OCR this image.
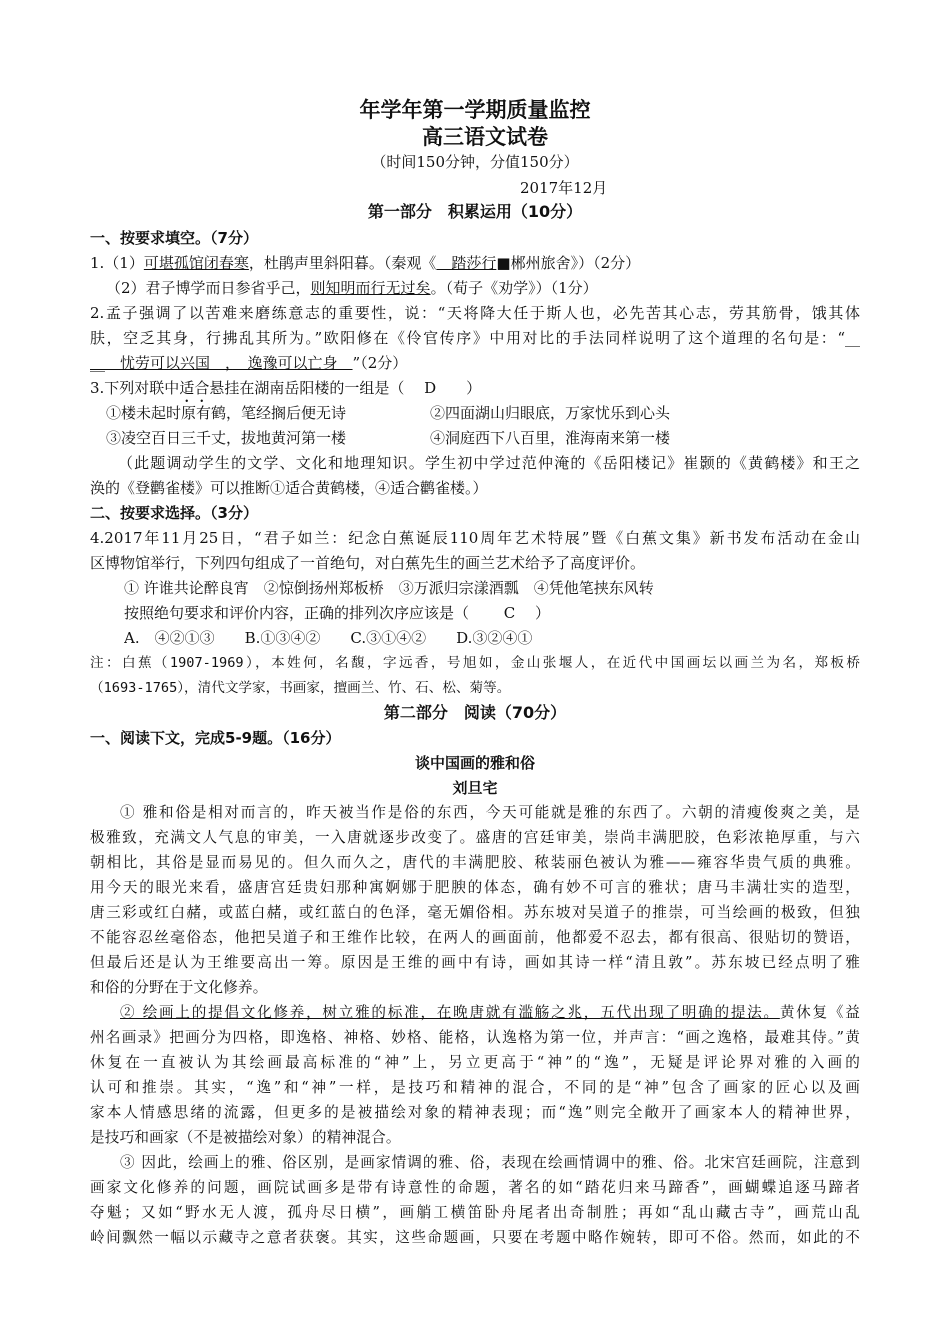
年学年第一学期质量监控
高三语文试卷
（时间150分钟，分值150分）
2017年12月
第一部分　积累运用（10分）
一、按要求填空。（7分）
1.（1）可堪孤馆闭春寒，杜鹃声里斜阳暮。（秦观《　踏莎行■郴州旅舍》）（2分）
（2）君子博学而日参省乎己，则知明而行无过矣。（荀子《劝学》）（1分）
2.孟子强调了以苦难来磨练意志的重要性，说：“天将降大任于斯人也，必先苦其心志，劳其筋骨，饿其体
肤，空乏其身，行拂乱其所为。”欧阳修在《伶官传序》中用对比的手法同样说明了这个道理的名句是：“__
__　忧劳可以兴国　，　逸豫可以亡身　”（2分）
3.下列对联中适合悬挂在湖南岳阳楼的一组是（　 D　　）
①楼未起时原有鹤，笔经搁后便无诗	②四面湖山归眼底，万家忧乐到心头
③凌空百日三千丈，拔地黄河第一楼	④洞庭西下八百里，淮海南来第一楼
（此题调动学生的文学、文化和地理知识。学生初中学过范仲淹的《岳阳楼记》崔颢的《黄鹤楼》和王之
涣的《登鹳雀楼》可以推断①适合黄鹤楼，④适合鹳雀楼。）
二、按要求选择。（3分）
4.2017年11月25日，“君子如兰：纪念白蕉诞辰110周年艺术特展”暨《白蕉文集》新书发布活动在金山
区博物馆举行，下列四句组成了一首绝句，对白蕉先生的画兰艺术给予了高度评价。
① 许谁共论醉良宵　②惊倒扬州郑板桥　③万派归宗漾酒瓢　④凭他笔挟东风转
按照绝句要求和评价内容，正确的排列次序应该是（　　 C　 ）
A.　④②①③　　B.①③④②　　C.③①④②　　D.③②④①
注：白蕉（1907-1969），本姓何，名馥，字远香，号旭如，金山张堰人，在近代中国画坛以画兰为名，郑板桥
（1693-1765），清代文学家，书画家，擅画兰、竹、石、松、菊等。
第二部分　阅读（70分）
一、阅读下文，完成5-9题。（16分）
谈中国画的雅和俗
刘旦宅
① 雅和俗是相对而言的，昨天被当作是俗的东西，今天可能就是雅的东西了。六朝的清瘦俊爽之美，是
极雅致，充满文人气息的审美，一入唐就逐步改变了。盛唐的宫廷审美，崇尚丰满肥胶，色彩浓艳厚重，与六
朝相比，其俗是显而易见的。但久而久之，唐代的丰满肥胶、秾装丽色被认为雅——雍容华贵气质的典雅。
用今天的眼光来看，盛唐宫廷贵妇那种寓婀娜于肥腴的体态，确有妙不可言的雅状；唐马丰满壮实的造型，
唐三彩或红白赭，或蓝白赭，或红蓝白的色泽，毫无媚俗相。苏东坡对吴道子的推崇，可当绘画的极致，但独
不能容忍丝毫俗态，他把吴道子和王维作比较，在两人的画面前，他都爱不忍去，都有很高、很贴切的赞语，
但最后还是认为王维要高出一筹。原因是王维的画中有诗，画如其诗一样“清且敦”。苏东坡已经点明了雅
和俗的分野在于文化修养。
② 绘画上的提倡文化修养，树立雅的标准，在晚唐就有滥觞之兆，五代出现了明确的提法。黄休复《益
州名画录》把画分为四格，即逸格、神格、妙格、能格，认逸格为第一位，并声言：“画之逸格，最难其侍。”黄
休复在一直被认为其绘画最高标准的“神”上，另立更高于“神”的“逸”，无疑是评论界对雅的入画的
认可和推崇。其实，“逸”和“神”一样，是技巧和精神的混合，不同的是“神”包含了画家的匠心以及画
家本人情感思绪的流露，但更多的是被描绘对象的精神表现；而“逸”则完全敞开了画家本人的精神世界，
是技巧和画家（不是被描绘对象）的精神混合。
③ 因此，绘画上的雅、俗区别，是画家情调的雅、俗，表现在绘画情调中的雅、俗。北宋宫廷画院，注意到
画家文化修养的问题，画院试画多是带有诗意性的命题，著名的如“踏花归来马蹄香”，画蝴蝶追逐马蹄者
夺魁；又如“野水无人渡，孤舟尽日横”，画艄工横笛卧舟尾者出奇制胜；再如“乱山藏古寺”，画荒山乱
岭间飘然一幅以示藏寺之意者获褒。其实，这些命题画，只要在考题中略作婉转，即可不俗。然而，如此的不
